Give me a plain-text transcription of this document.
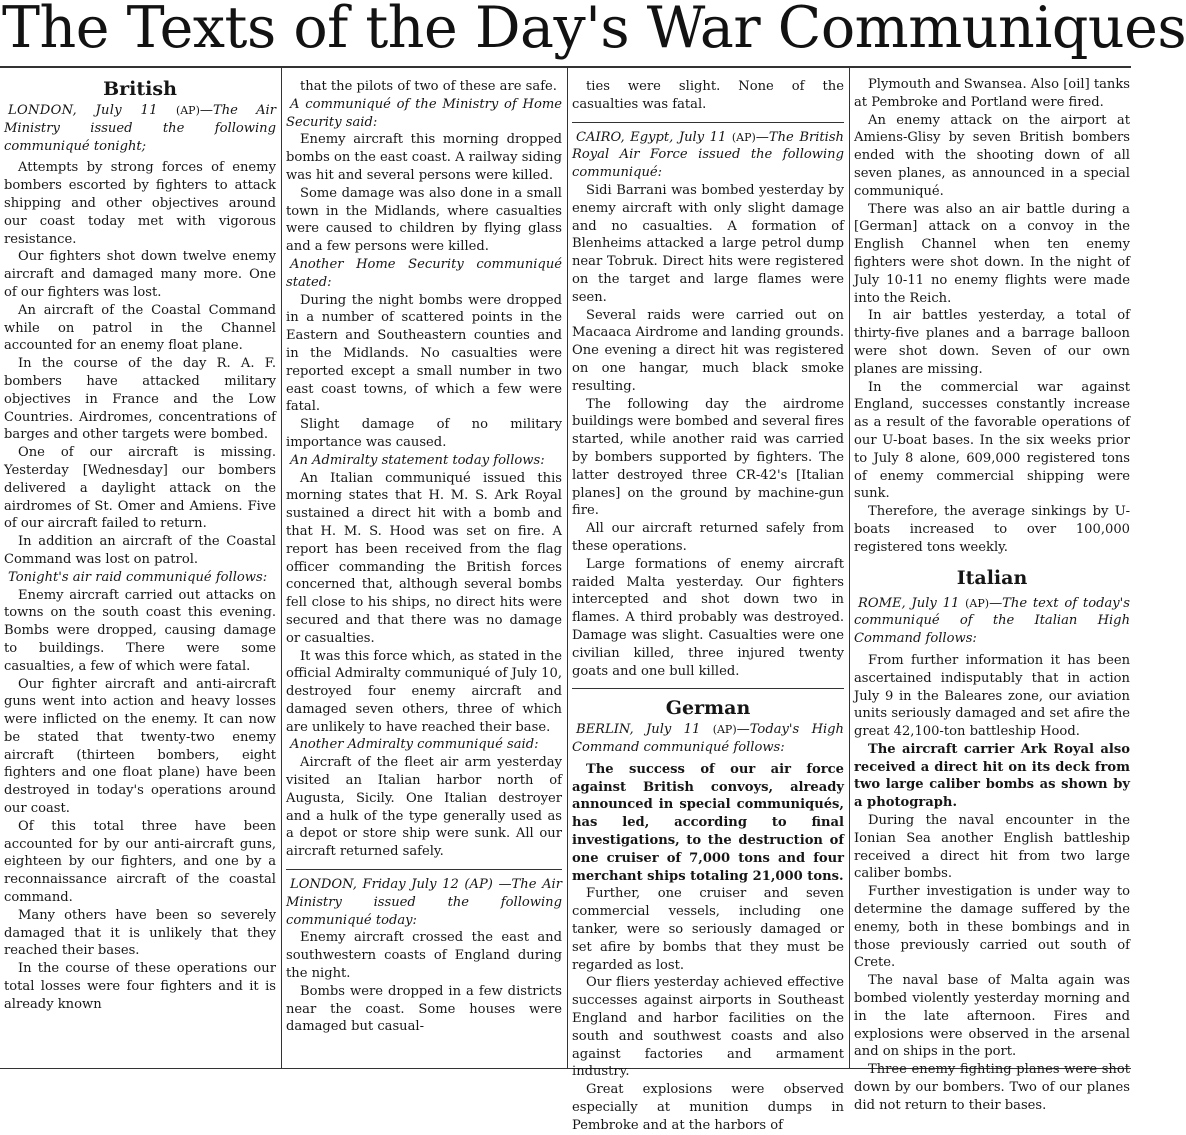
The Texts of the Day's War Communiques
British

LONDON, July 11 (AP)—The Air Ministry issued the following communiqué tonight;

Attempts by strong forces of enemy bombers escorted by fighters to attack shipping and other objectives around our coast today met with vigorous resistance.

Our fighters shot down twelve enemy aircraft and damaged many more. One of our fighters was lost.

An aircraft of the Coastal Command while on patrol in the Channel accounted for an enemy float plane.

In the course of the day R. A. F. bombers have attacked military objectives in France and the Low Countries. Airdromes, concentrations of barges and other targets were bombed.

One of our aircraft is missing. Yesterday [Wednesday] our bombers delivered a daylight attack on the airdromes of St. Omer and Amiens. Five of our aircraft failed to return.

In addition an aircraft of the Coastal Command was lost on patrol.

Tonight's air raid communiqué follows:

Enemy aircraft carried out attacks on towns on the south coast this evening. Bombs were dropped, causing damage to buildings. There were some casualties, a few of which were fatal.

Our fighter aircraft and anti-aircraft guns went into action and heavy losses were inflicted on the enemy. It can now be stated that twenty-two enemy aircraft (thirteen bombers, eight fighters and one float plane) have been destroyed in today's operations around our coast.

Of this total three have been accounted for by our anti-aircraft guns, eighteen by our fighters, and one by a reconnaissance aircraft of the coastal command.

Many others have been so severely damaged that it is unlikely that they reached their bases.

In the course of these operations our total losses were four fighters and it is already known

that the pilots of two of these are safe.

A communiqué of the Ministry of Home Security said:

Enemy aircraft this morning dropped bombs on the east coast. A railway siding was hit and several persons were killed.

Some damage was also done in a small town in the Midlands, where casualties were caused to children by flying glass and a few persons were killed.

Another Home Security communiqué stated:

During the night bombs were dropped in a number of scattered points in the Eastern and Southeastern counties and in the Midlands. No casualties were reported except a small number in two east coast towns, of which a few were fatal.

Slight damage of no military importance was caused.

An Admiralty statement today follows:

An Italian communiqué issued this morning states that H. M. S. Ark Royal sustained a direct hit with a bomb and that H. M. S. Hood was set on fire. A report has been received from the flag officer commanding the British forces concerned that, although several bombs fell close to his ships, no direct hits were secured and that there was no damage or casualties.

It was this force which, as stated in the official Admiralty communiqué of July 10, destroyed four enemy aircraft and damaged seven others, three of which are unlikely to have reached their base.

Another Admiralty communiqué said:

Aircraft of the fleet air arm yesterday visited an Italian harbor north of Augusta, Sicily. One Italian destroyer and a hulk of the type generally used as a depot or store ship were sunk. All our aircraft returned safely.

LONDON, Friday July 12 (AP) —The Air Ministry issued the following communiqué today:

Enemy aircraft crossed the east and southwestern coasts of England during the night.

Bombs were dropped in a few districts near the coast. Some houses were damaged but casual-

ties were slight. None of the casualties was fatal.

CAIRO, Egypt, July 11 (AP)—The British Royal Air Force issued the following communiqué:

Sidi Barrani was bombed yesterday by enemy aircraft with only slight damage and no casualties. A formation of Blenheims attacked a large petrol dump near Tobruk. Direct hits were registered on the target and large flames were seen.

Several raids were carried out on Macaaca Airdrome and landing grounds. One evening a direct hit was registered on one hangar, much black smoke resulting.

The following day the airdrome buildings were bombed and several fires started, while another raid was carried by bombers supported by fighters. The latter destroyed three CR-42's [Italian planes] on the ground by machine-gun fire.

All our aircraft returned safely from these operations.

Large formations of enemy aircraft raided Malta yesterday. Our fighters intercepted and shot down two in flames. A third probably was destroyed. Damage was slight. Casualties were one civilian killed, three injured twenty goats and one bull killed.

German

BERLIN, July 11 (AP)—Today's High Command communiqué follows:

The success of our air force against British convoys, already announced in special communiqués, has led, according to final investigations, to the destruction of one cruiser of 7,000 tons and four merchant ships totaling 21,000 tons.

Further, one cruiser and seven commercial vessels, including one tanker, were so seriously damaged or set afire by bombs that they must be regarded as lost.

Our fliers yesterday achieved effective successes against airports in Southeast England and harbor facilities on the south and southwest coasts and also against factories and armament industry.

Great explosions were observed especially at munition dumps in Pembroke and at the harbors of

Plymouth and Swansea. Also [oil] tanks at Pembroke and Portland were fired.

An enemy attack on the airport at Amiens-Glisy by seven British bombers ended with the shooting down of all seven planes, as announced in a special communiqué.

There was also an air battle during a [German] attack on a convoy in the English Channel when ten enemy fighters were shot down. In the night of July 10-11 no enemy flights were made into the Reich.

In air battles yesterday, a total of thirty-five planes and a barrage balloon were shot down. Seven of our own planes are missing.

In the commercial war against England, successes constantly increase as a result of the favorable operations of our U-boat bases. In the six weeks prior to July 8 alone, 609,000 registered tons of enemy commercial shipping were sunk.

Therefore, the average sinkings by U-boats increased to over 100,000 registered tons weekly.

Italian

ROME, July 11 (AP)—The text of today's communiqué of the Italian High Command follows:

From further information it has been ascertained indisputably that in action July 9 in the Baleares zone, our aviation units seriously damaged and set afire the great 42,100-ton battleship Hood.

The aircraft carrier Ark Royal also received a direct hit on its deck from two large caliber bombs as shown by a photograph.

During the naval encounter in the Ionian Sea another English battleship received a direct hit from two large caliber bombs.

Further investigation is under way to determine the damage suffered by the enemy, both in these bombings and in those previously carried out south of Crete.

The naval base of Malta again was bombed violently yesterday morning and in the late afternoon. Fires and explosions were observed in the arsenal and on ships in the port.

Three enemy fighting planes were shot down by our bombers. Two of our planes did not return to their bases.
